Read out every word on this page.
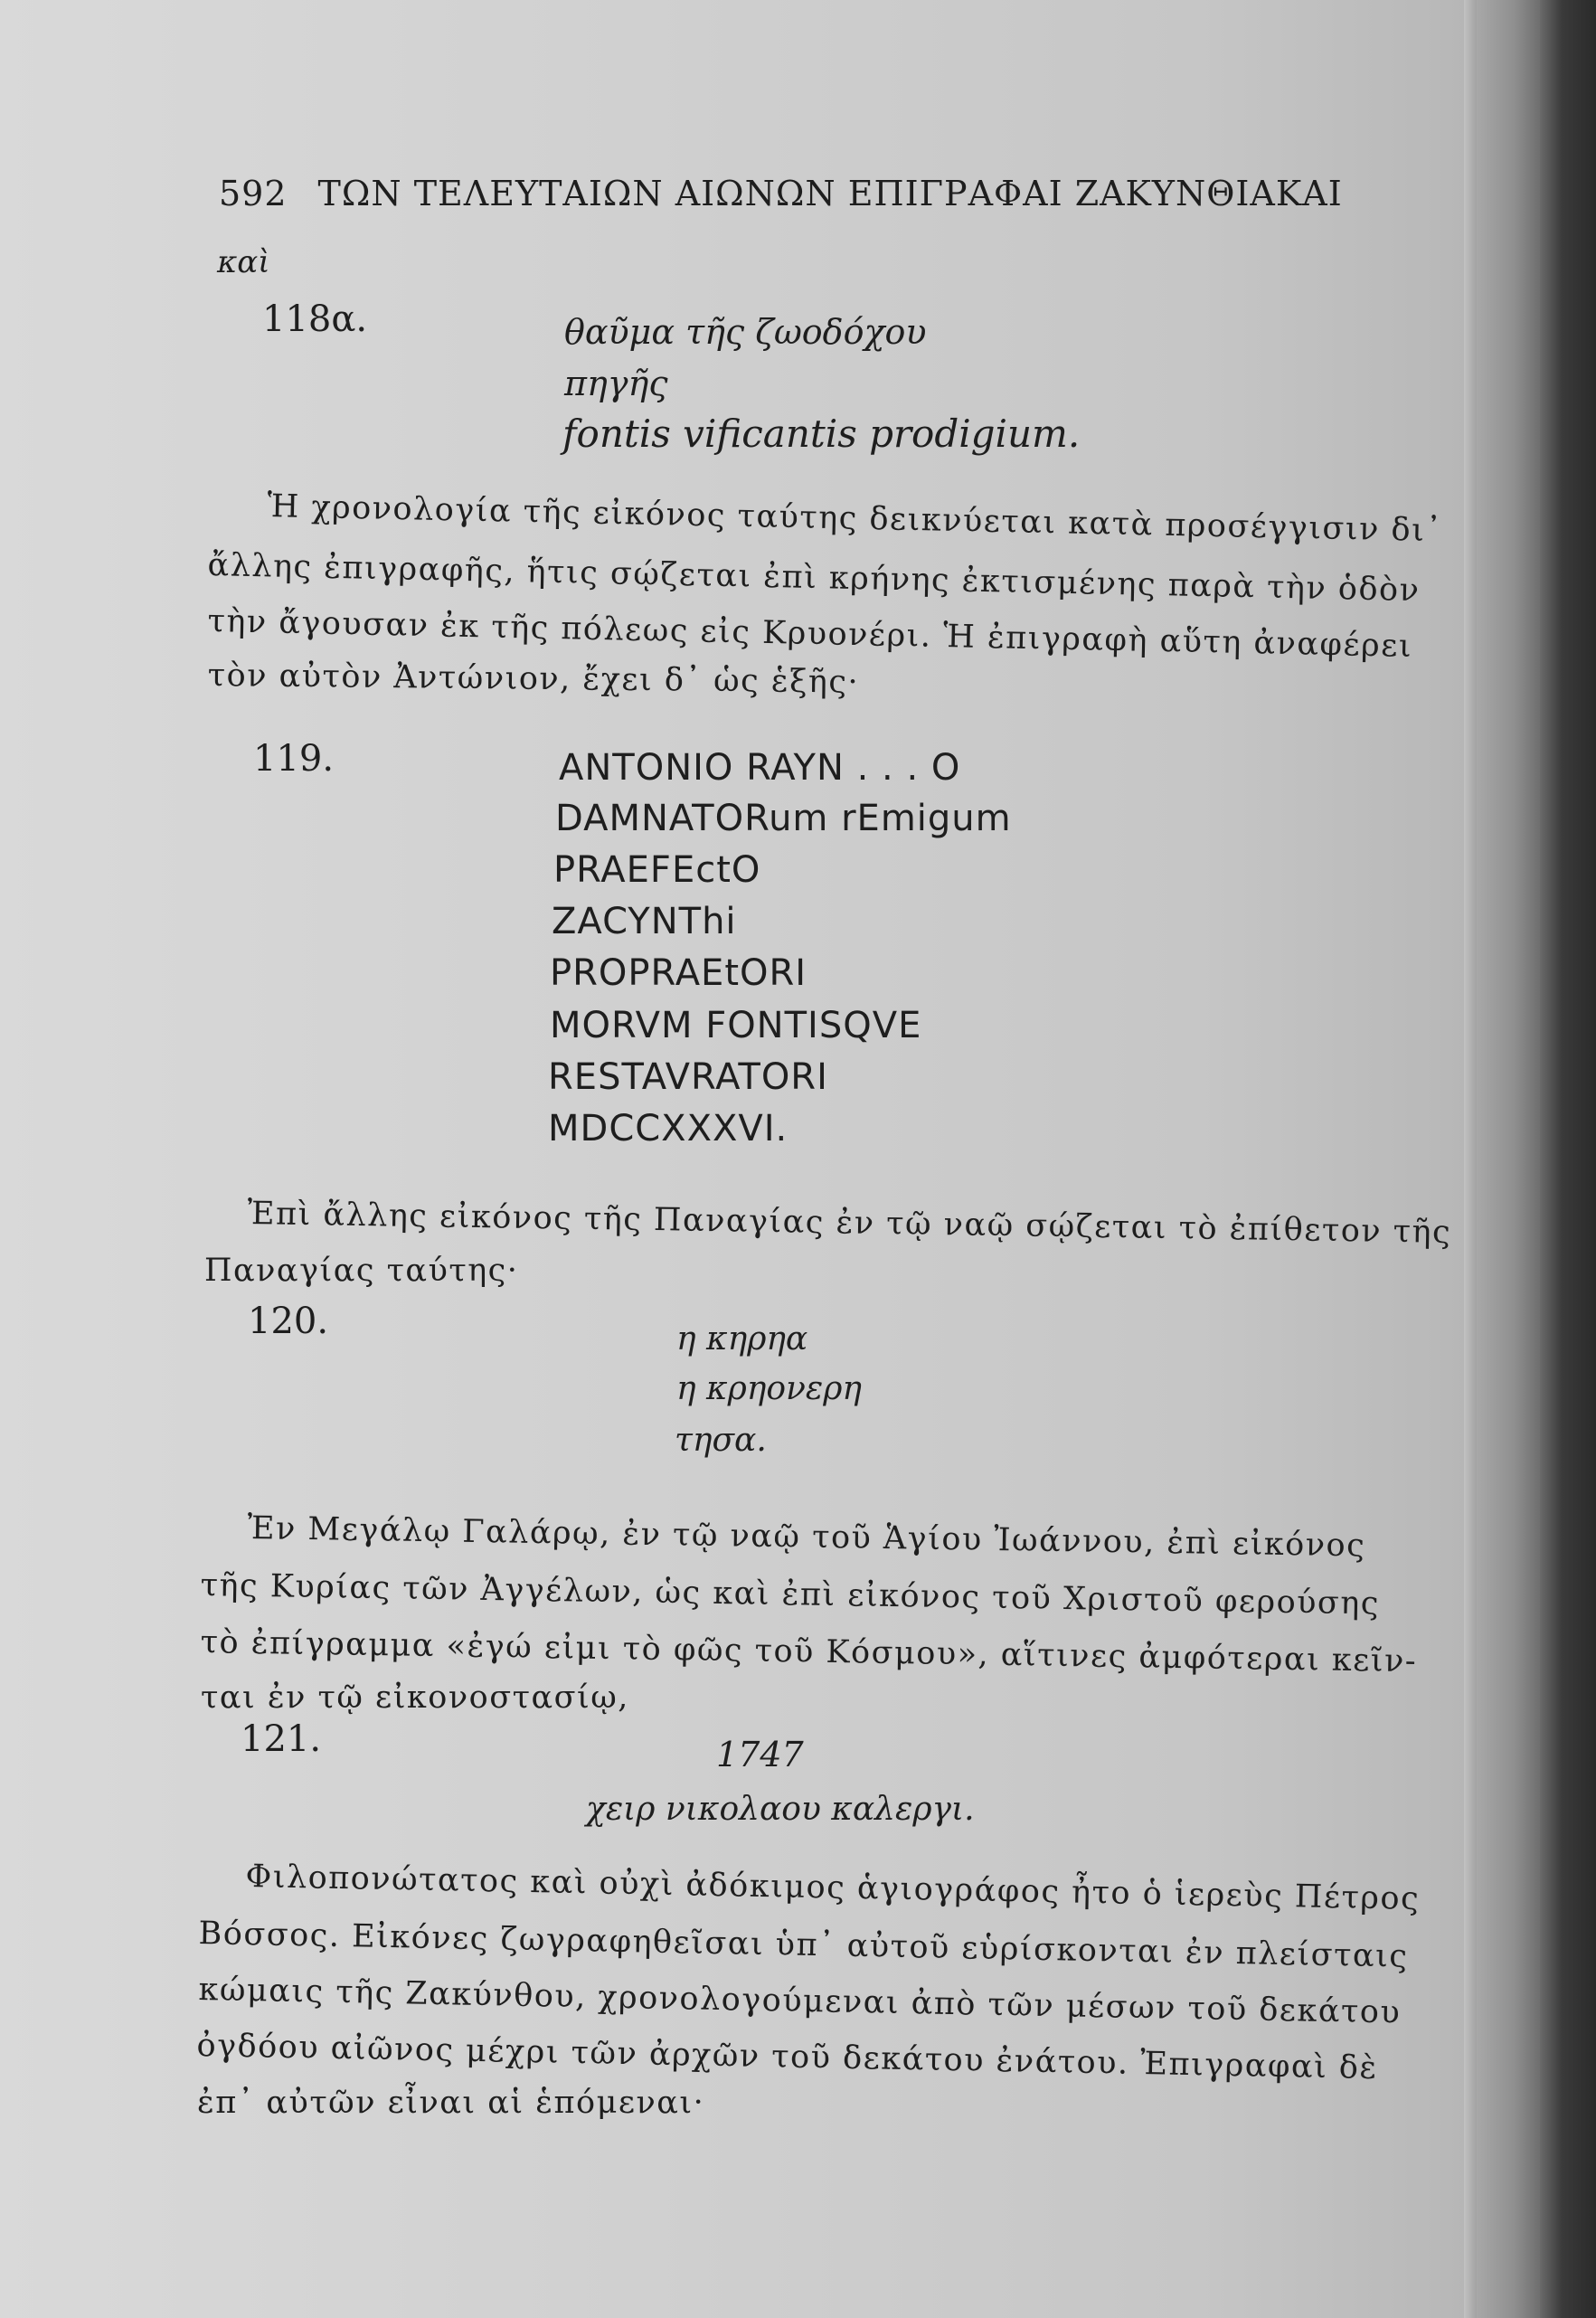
592 ΤΩΝ ΤΕΛΕΥΤΑΙΩΝ ΑΙΩΝΩΝ ΕΠΙΓΡΑΦΑΙ ΖΑΚΥΝΘΙΑΚΑΙ
καὶ
118α.	θαῦμα τῆς ζωοδόχου
πηγῆς
fontis vificantis prodigium.
Ἡ χρονολογία τῆς εἰκόνος ταύτης δεικνύεται κατὰ προσέγγισιν δι᾽
ἄλλης ἐπιγραφῆς, ἥτις σῴζεται ἐπὶ κρήνης ἐκτισμένης παρὰ τὴν ὁδὸν
τὴν ἄγουσαν ἐκ τῆς πόλεως εἰς Κρυονέρι. Ἡ ἐπιγραφὴ αὕτη ἀναφέρει
τὸν αὐτὸν Ἀντώνιον, ἔχει δ᾽ ὡς ἑξῆς·
119.	ANTONIO RAYN . . . O
DAMNATORum rEmigum
PRAEFEctO
ZACYNThi
PROPRAEtORI
MORVM FONTISQVE
RESTAVRATORI
MDCCXXXVI.
Ἐπὶ ἄλλης εἰκόνος τῆς Παναγίας ἐν τῷ ναῷ σῴζεται τὸ ἐπίθετον τῆς
Παναγίας ταύτης·
120.	η κηρηα
η κρηονερη
τησα.
Ἐν Μεγάλῳ Γαλάρῳ, ἐν τῷ ναῷ τοῦ Ἁγίου Ἰωάννου, ἐπὶ εἰκόνος
τῆς Κυρίας τῶν Ἀγγέλων, ὡς καὶ ἐπὶ εἰκόνος τοῦ Χριστοῦ φερούσης
τὸ ἐπίγραμμα «ἐγώ εἰμι τὸ φῶς τοῦ Κόσμου», αἵτινες ἀμφότεραι κεῖν-
ται ἐν τῷ εἰκονοστασίῳ,
121.	1747
χειρ νικολαου καλεργι.
Φιλοπονώτατος καὶ οὐχὶ ἀδόκιμος ἁγιογράφος ἦτο ὁ ἱερεὺς Πέτρος
Βόσσος. Εἰκόνες ζωγραφηθεῖσαι ὑπ᾽ αὐτοῦ εὑρίσκονται ἐν πλείσταις
κώμαις τῆς Ζακύνθου, χρονολογούμεναι ἀπὸ τῶν μέσων τοῦ δεκάτου
ὀγδόου αἰῶνος μέχρι τῶν ἀρχῶν τοῦ δεκάτου ἐνάτου. Ἐπιγραφαὶ δὲ
ἐπ᾽ αὐτῶν εἶναι αἱ ἑπόμεναι·
